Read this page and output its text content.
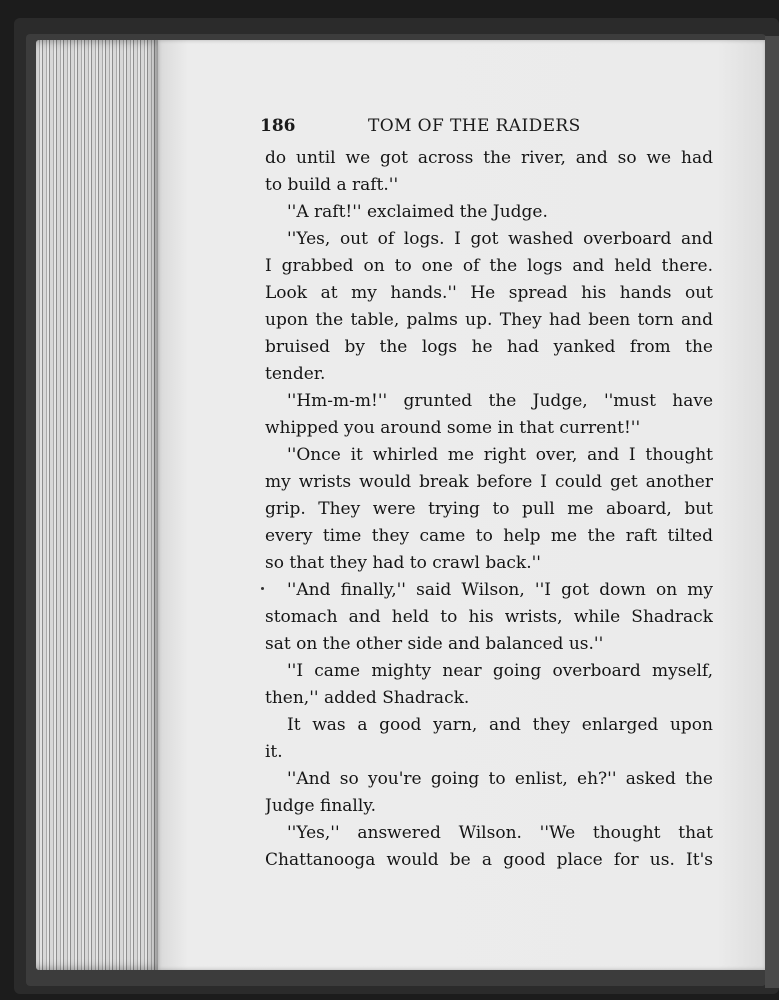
186	TOM OF THE RAIDERS
do until we got across the river, and so we had
to build a raft.''
''A raft!'' exclaimed the Judge.
''Yes, out of logs. I got washed overboard and
I grabbed on to one of the logs and held there.
Look at my hands.'' He spread his hands out
upon the table, palms up. They had been torn and
bruised by the logs he had yanked from the
tender.
''Hm-m-m!'' grunted the Judge, ''must have
whipped you around some in that current!''
''Once it whirled me right over, and I thought
my wrists would break before I could get another
grip. They were trying to pull me aboard, but
every time they came to help me the raft tilted
so that they had to crawl back.''
''And finally,'' said Wilson, ''I got down on my
stomach and held to his wrists, while Shadrack
sat on the other side and balanced us.''
''I came mighty near going overboard myself,
then,'' added Shadrack.
It was a good yarn, and they enlarged upon
it.
''And so you're going to enlist, eh?'' asked the
Judge finally.
''Yes,'' answered Wilson. ''We thought that
Chattanooga would be a good place for us. It's
